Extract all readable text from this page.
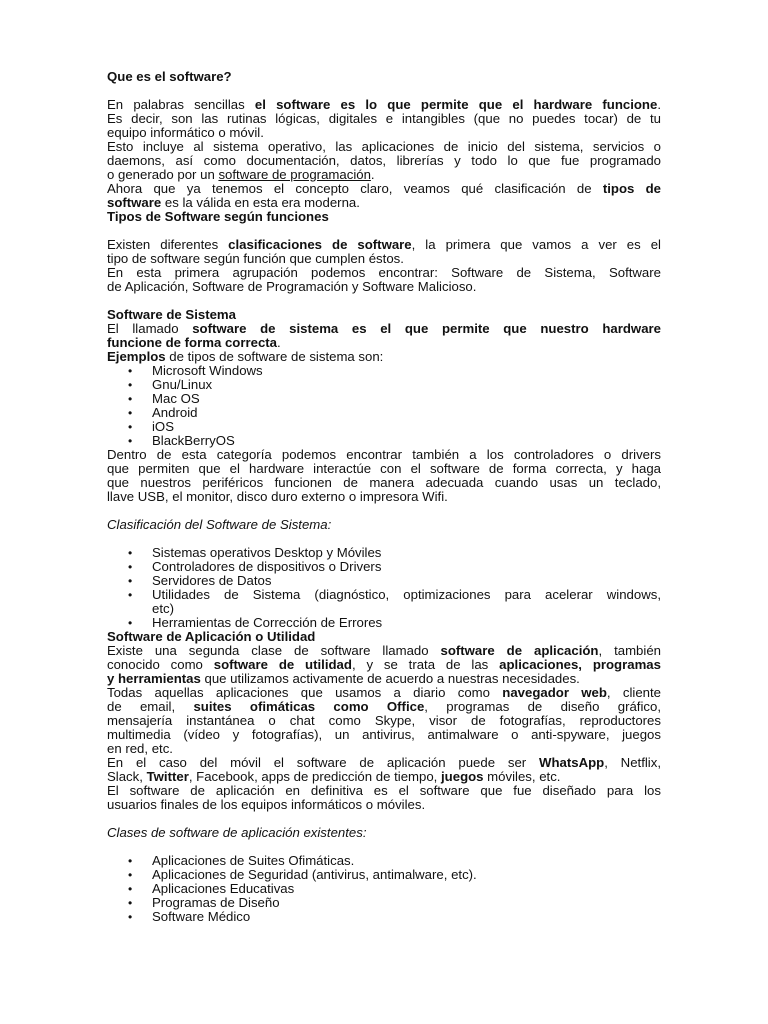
Que es el software?

En palabras sencillas el software es lo que permite que el hardware funcione.

Es decir, son las rutinas lógicas, digitales e intangibles (que no puedes tocar) de tu

equipo informático o móvil.

Esto incluye al sistema operativo, las aplicaciones de inicio del sistema, servicios o

daemons, así como documentación, datos, librerías y todo lo que fue programado

o generado por un software de programación.

Ahora que ya tenemos el concepto claro, veamos qué clasificación de tipos de

software es la válida en esta era moderna.

Tipos de Software según funciones

Existen diferentes clasificaciones de software, la primera que vamos a ver es el

tipo de software según función que cumplen éstos.

En esta primera agrupación podemos encontrar: Software de Sistema, Software

de Aplicación, Software de Programación y Software Malicioso.

Software de Sistema

El llamado software de sistema es el que permite que nuestro hardware

funcione de forma correcta.

Ejemplos de tipos de software de sistema son:

• Microsoft Windows
• Gnu/Linux
• Mac OS
• Android
• iOS
• BlackBerryOS

Dentro de esta categoría podemos encontrar también a los controladores o drivers

que permiten que el hardware interactúe con el software de forma correcta, y haga

que nuestros periféricos funcionen de manera adecuada cuando usas un teclado,

llave USB, el monitor, disco duro externo o impresora Wifi.

Clasificación del Software de Sistema:

• Sistemas operativos Desktop y Móviles
• Controladores de dispositivos o Drivers
• Servidores de Datos
• Utilidades de Sistema (diagnóstico, optimizaciones para acelerar windows,
etc)
• Herramientas de Corrección de Errores

Software de Aplicación o Utilidad

Existe una segunda clase de software llamado software de aplicación, también

conocido como software de utilidad, y se trata de las aplicaciones, programas

y herramientas que utilizamos activamente de acuerdo a nuestras necesidades.

Todas aquellas aplicaciones que usamos a diario como navegador web, cliente

de email, suites ofimáticas como Office, programas de diseño gráfico,

mensajería instantánea o chat como Skype, visor de fotografías, reproductores

multimedia (vídeo y fotografías), un antivirus, antimalware o anti-spyware, juegos

en red, etc.

En el caso del móvil el software de aplicación puede ser WhatsApp, Netflix,

Slack, Twitter, Facebook, apps de predicción de tiempo, juegos móviles, etc.

El software de aplicación en definitiva es el software que fue diseñado para los

usuarios finales de los equipos informáticos o móviles.

Clases de software de aplicación existentes:

• Aplicaciones de Suites Ofimáticas.
• Aplicaciones de Seguridad (antivirus, antimalware, etc).
• Aplicaciones Educativas
• Programas de Diseño
• Software Médico
